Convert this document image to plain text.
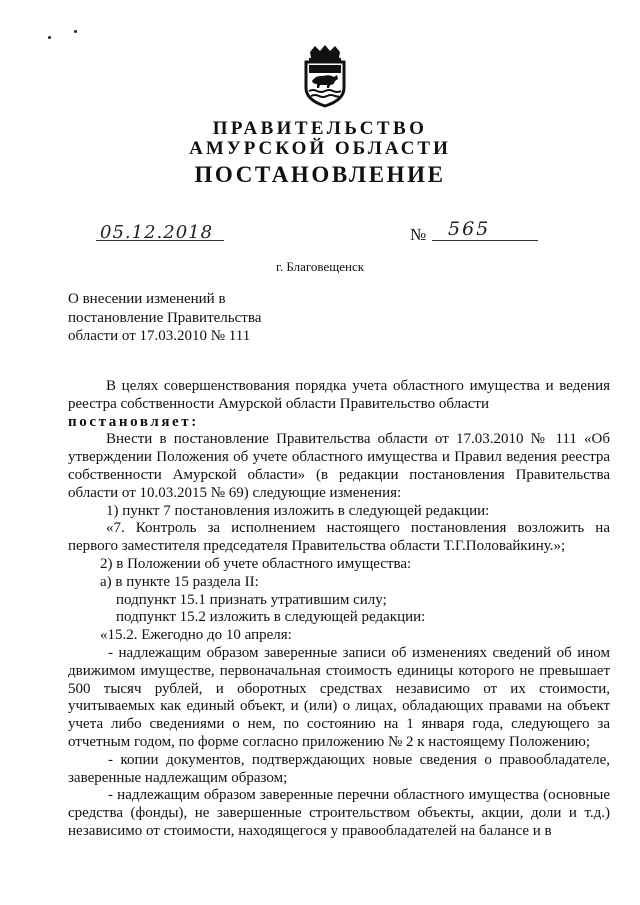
ПРАВИТЕЛЬСТВО
АМУРСКОЙ ОБЛАСТИ
ПОСТАНОВЛЕНИЕ
05.12.2018	№ 565
г. Благовещенск
О внесении изменений в
постановление Правительства
области от 17.03.2010 № 111

В целях совершенствования порядка учета областного имущества и ведения реестра собственности Амурской области Правительство области

постановляет:

Внести в постановление Правительства области от 17.03.2010 № 111 «Об утверждении Положения об учете областного имущества и Правил ведения реестра собственности Амурской области» (в редакции постановления Правительства области от 10.03.2015 № 69) следующие изменения:

1) пункт 7 постановления изложить в следующей редакции:

«7. Контроль за исполнением настоящего постановления возложить на первого заместителя председателя Правительства области Т.Г.Половайкину.»;

2) в Положении об учете областного имущества:

а) в пункте 15 раздела II:

подпункт 15.1 признать утратившим силу;

подпункт 15.2 изложить в следующей редакции:

«15.2. Ежегодно до 10 апреля:

- надлежащим образом заверенные записи об изменениях сведений об ином движимом имуществе, первоначальная стоимость единицы которого не превышает 500 тысяч рублей, и оборотных средствах независимо от их стоимости, учитываемых как единый объект, и (или) о лицах, обладающих правами на объект учета либо сведениями о нем, по состоянию на 1 января года, следующего за отчетным годом, по форме согласно приложению № 2 к настоящему Положению;

- копии документов, подтверждающих новые сведения о правообладателе, заверенные надлежащим образом;

- надлежащим образом заверенные перечни областного имущества (основные средства (фонды), не завершенные строительством объекты, акции, доли и т.д.) независимо от стоимости, находящегося у правообладателей на балансе и в
